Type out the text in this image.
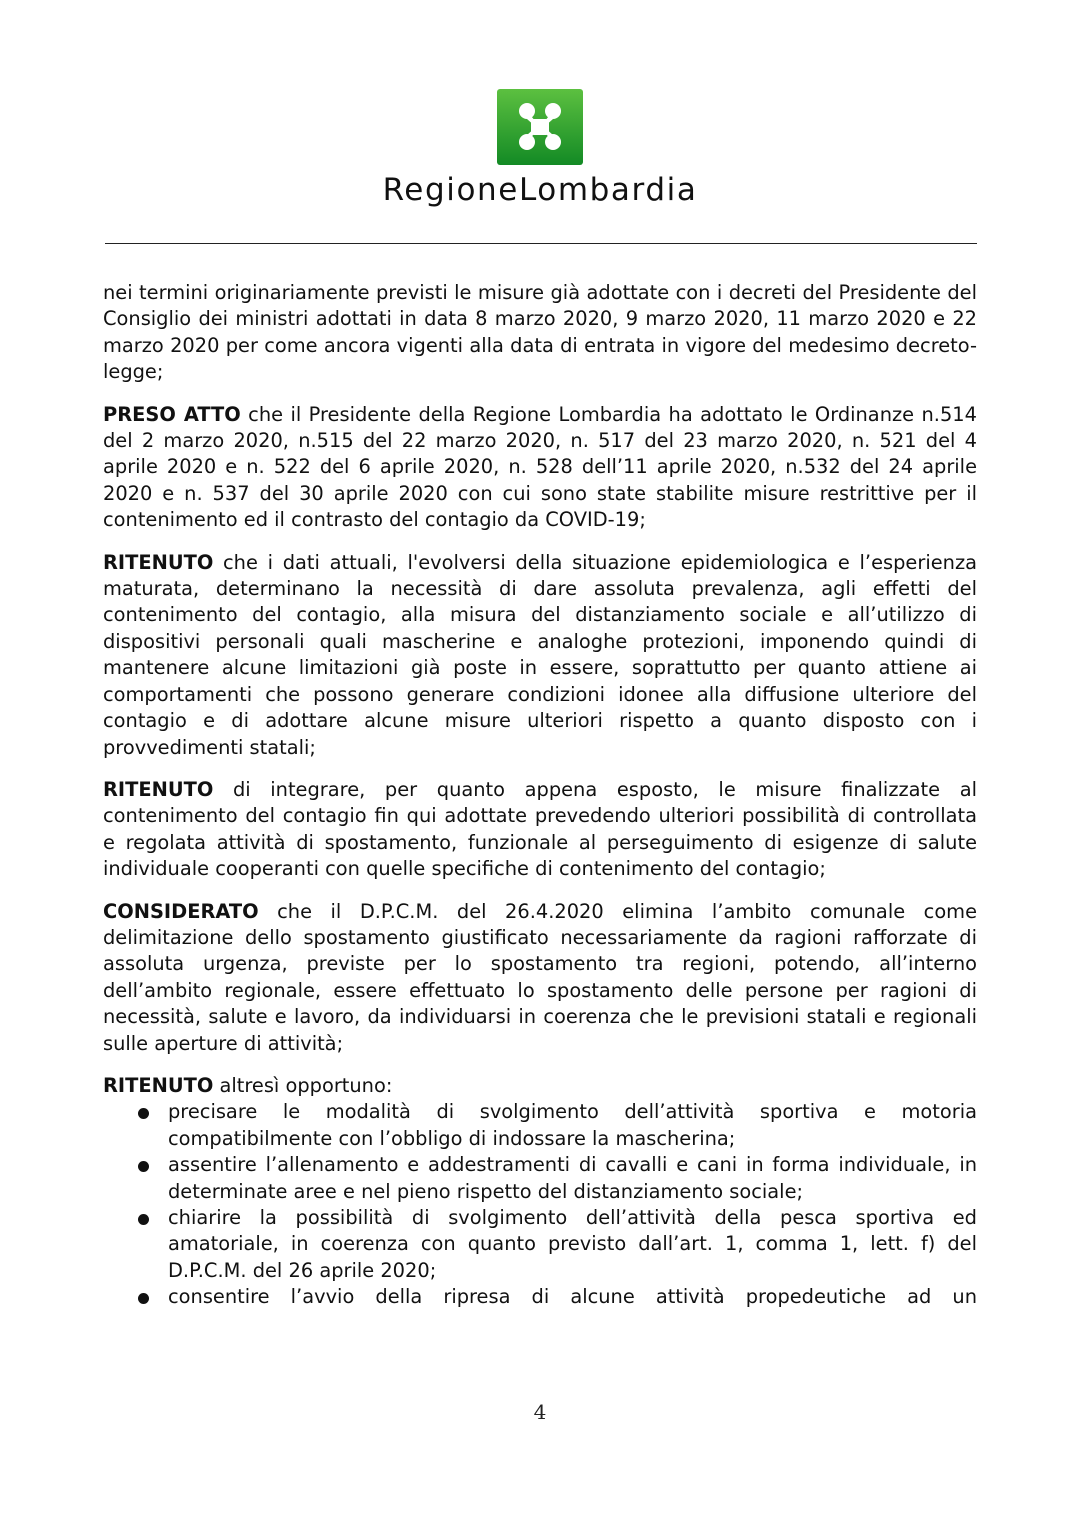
RegioneLombardia

nei termini originariamente previsti le misure già adottate con i decreti del Presidente del Consiglio dei ministri adottati in data 8 marzo 2020, 9 marzo 2020, 11 marzo 2020 e 22 marzo 2020 per come ancora vigenti alla data di entrata in vigore del medesimo decreto-legge;

PRESO ATTO che il Presidente della Regione Lombardia ha adottato le Ordinanze n.514 del 2 marzo 2020, n.515 del 22 marzo 2020, n. 517 del 23 marzo 2020, n. 521 del 4 aprile 2020 e n. 522 del 6 aprile 2020, n. 528 dell’11 aprile 2020, n.532 del 24 aprile 2020 e n. 537 del 30 aprile 2020 con cui sono state stabilite misure restrittive per il contenimento ed il contrasto del contagio da COVID-19;

RITENUTO che i dati attuali, l'evolversi della situazione epidemiologica e l’esperienza maturata, determinano la necessità di dare assoluta prevalenza, agli effetti del contenimento del contagio, alla misura del distanziamento sociale e all’utilizzo di dispositivi personali quali mascherine e analoghe protezioni, imponendo quindi di mantenere alcune limitazioni già poste in essere, soprattutto per quanto attiene ai comportamenti che possono generare condizioni idonee alla diffusione ulteriore del contagio e di adottare alcune misure ulteriori rispetto a quanto disposto con i provvedimenti statali;

RITENUTO di integrare, per quanto appena esposto, le misure finalizzate al contenimento del contagio fin qui adottate prevedendo ulteriori possibilità di controllata e regolata attività di spostamento, funzionale al perseguimento di esigenze di salute individuale cooperanti con quelle specifiche di contenimento del contagio;

CONSIDERATO che il D.P.C.M. del 26.4.2020 elimina l’ambito comunale come delimitazione dello spostamento giustificato necessariamente da ragioni rafforzate di assoluta urgenza, previste per lo spostamento tra regioni, potendo, all’interno dell’ambito regionale, essere effettuato lo spostamento delle persone per ragioni di necessità, salute e lavoro, da individuarsi in coerenza che le previsioni statali e regionali sulle aperture di attività;

RITENUTO altresì opportuno:

precisare le modalità di svolgimento dell’attività sportiva e motoria compatibilmente con l’obbligo di indossare la mascherina;
assentire l’allenamento e addestramenti di cavalli e cani in forma individuale, in determinate aree e nel pieno rispetto del distanziamento sociale;
chiarire la possibilità di svolgimento dell’attività della pesca sportiva ed amatoriale, in coerenza con quanto previsto dall’art. 1, comma 1, lett. f) del D.P.C.M. del 26 aprile 2020;
consentire l’avvio della ripresa di alcune attività propedeutiche ad un
4
